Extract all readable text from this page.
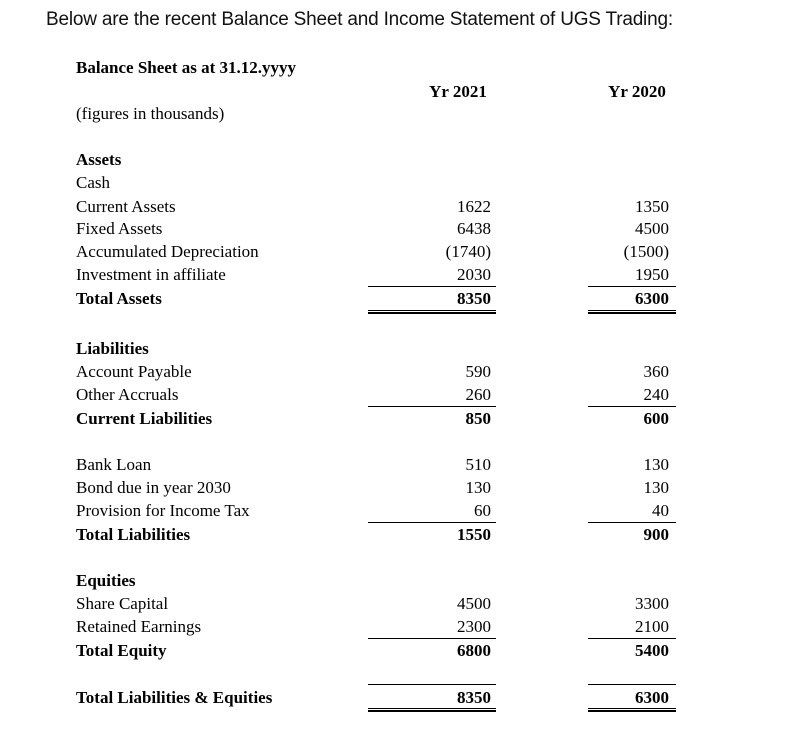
Below are the recent Balance Sheet and Income Statement of UGS Trading:
Balance Sheet as at 31.12.yyyy
(figures in thousands)
Yr 2021	Yr 2020
Assets
Cash
Current Assets	1622	1350
Fixed Assets	6438	4500
Accumulated Depreciation	(1740)	(1500)
Investment in affiliate	2030	1950
Total Assets	8350	6300
Liabilities
Account Payable	590	360
Other Accruals	260	240
Current Liabilities	850	600
Bank Loan	510	130
Bond due in year 2030	130	130
Provision for Income Tax	60	40
Total Liabilities	1550	900
Equities
Share Capital	4500	3300
Retained Earnings	2300	2100
Total Equity	6800	5400
Total Liabilities & Equities	8350	6300
